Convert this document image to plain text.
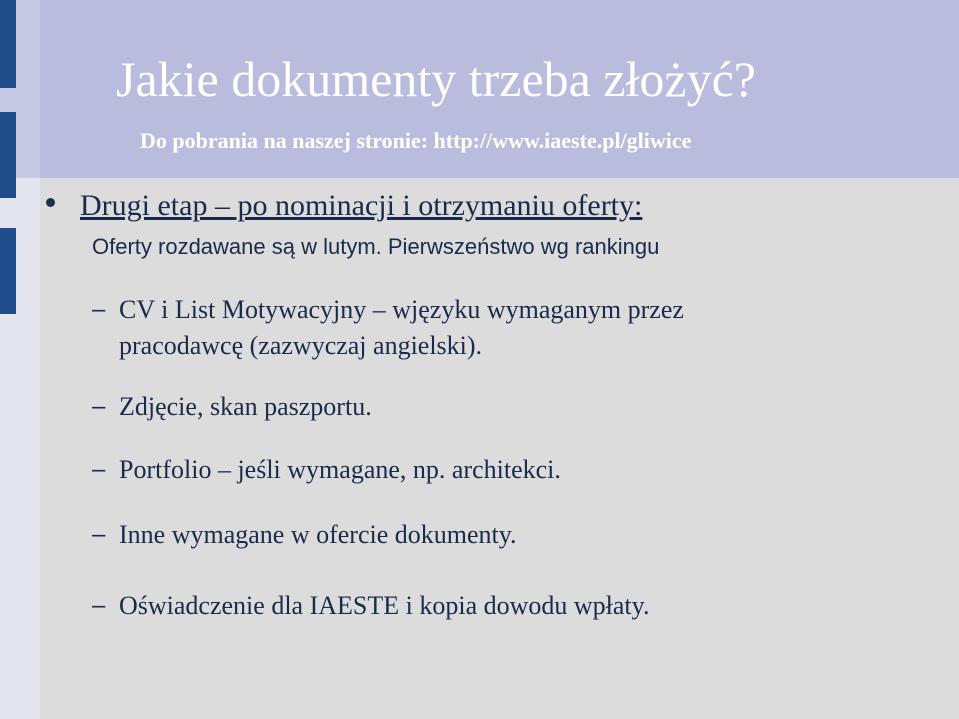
Jakie dokumenty trzeba złożyć?
Do pobrania na naszej stronie: http://www.iaeste.pl/gliwice
Drugi etap – po nominacji i otrzymaniu oferty:
Oferty rozdawane są w lutym. Pierwszeństwo wg rankingu
– CV i List Motywacyjny – wjęzyku wymaganym przez
pracodawcę (zazwyczaj angielski).
– Zdjęcie, skan paszportu.
– Portfolio – jeśli wymagane, np. architekci.
– Inne wymagane w ofercie dokumenty.
– Oświadczenie dla IAESTE i kopia dowodu wpłaty.
